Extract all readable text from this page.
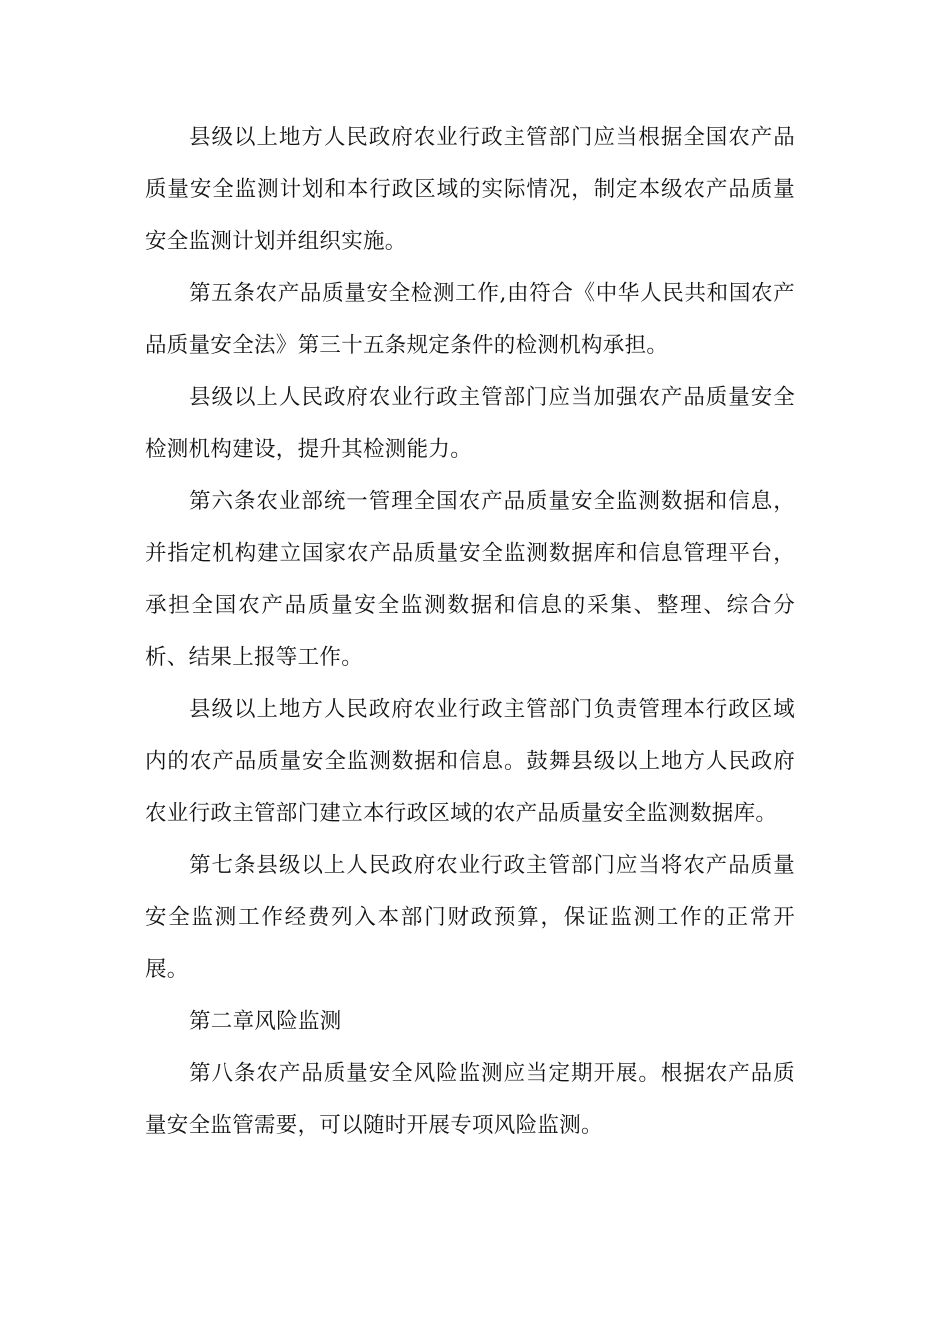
县级以上地方人民政府农业行政主管部门应当根据全国农产品质量安全监测计划和本行政区域的实际情况，制定本级农产品质量安全监测计划并组织实施。

第五条农产品质量安全检测工作,由符合《中华人民共和国农产品质量安全法》第三十五条规定条件的检测机构承担。

县级以上人民政府农业行政主管部门应当加强农产品质量安全检测机构建设，提升其检测能力。

第六条农业部统一管理全国农产品质量安全监测数据和信息，并指定机构建立国家农产品质量安全监测数据库和信息管理平台，承担全国农产品质量安全监测数据和信息的采集、整理、综合分析、结果上报等工作。

县级以上地方人民政府农业行政主管部门负责管理本行政区域内的农产品质量安全监测数据和信息。鼓舞县级以上地方人民政府农业行政主管部门建立本行政区域的农产品质量安全监测数据库。

第七条县级以上人民政府农业行政主管部门应当将农产品质量安全监测工作经费列入本部门财政预算，保证监测工作的正常开展。

第二章风险监测

第八条农产品质量安全风险监测应当定期开展。根据农产品质量安全监管需要，可以随时开展专项风险监测。
